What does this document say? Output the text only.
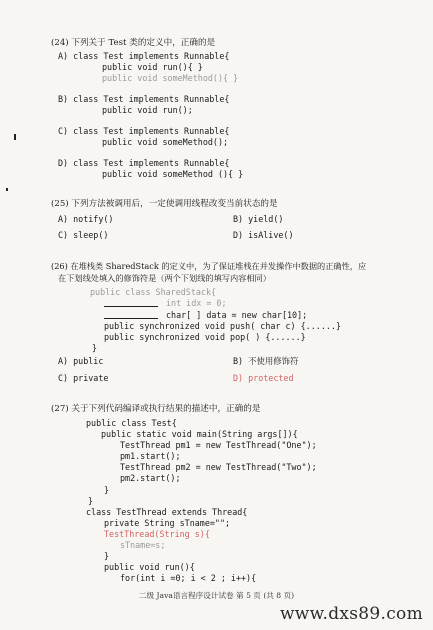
(24) 下列关于 Test 类的定义中，正确的是
A) class Test implements Runnable{
public void run(){ }
public void someMethod(){ }
B) class Test implements Runnable{
public void run();
C) class Test implements Runnable{
public void someMethod();
D) class Test implements Runnable{
public void someMethod (){ }
(25) 下列方法被调用后，一定使调用线程改变当前状态的是
A) notify()	B) yield()
C) sleep()	D) isAlive()
(26) 在堆栈类 SharedStack 的定义中，为了保证堆栈在并发操作中数据的正确性，应
在下划线处填入的修饰符是（两个下划线的填写内容相同）
public class SharedStack{
int idx = 0;
char[ ] data = new char[10];
public synchronized void push( char c) {......}
public synchronized void pop( ) {......}
}
A) public	B) 不使用修饰符
C) private	D) protected
(27) 关于下列代码编译或执行结果的描述中，正确的是
public class Test{
public static void main(String args[]){
TestThread pm1 = new TestThread("One");
pm1.start();
TestThread pm2 = new TestThread("Two");
pm2.start();
}
}
class TestThread extends Thread{
private String sTname="";
TestThread(String s){
sTname=s;
}
public void run(){
for(int i =0; i < 2 ; i++){
二级 Java语言程序设计试卷 第 5 页 (共 8 页)
www.dxs89.com
